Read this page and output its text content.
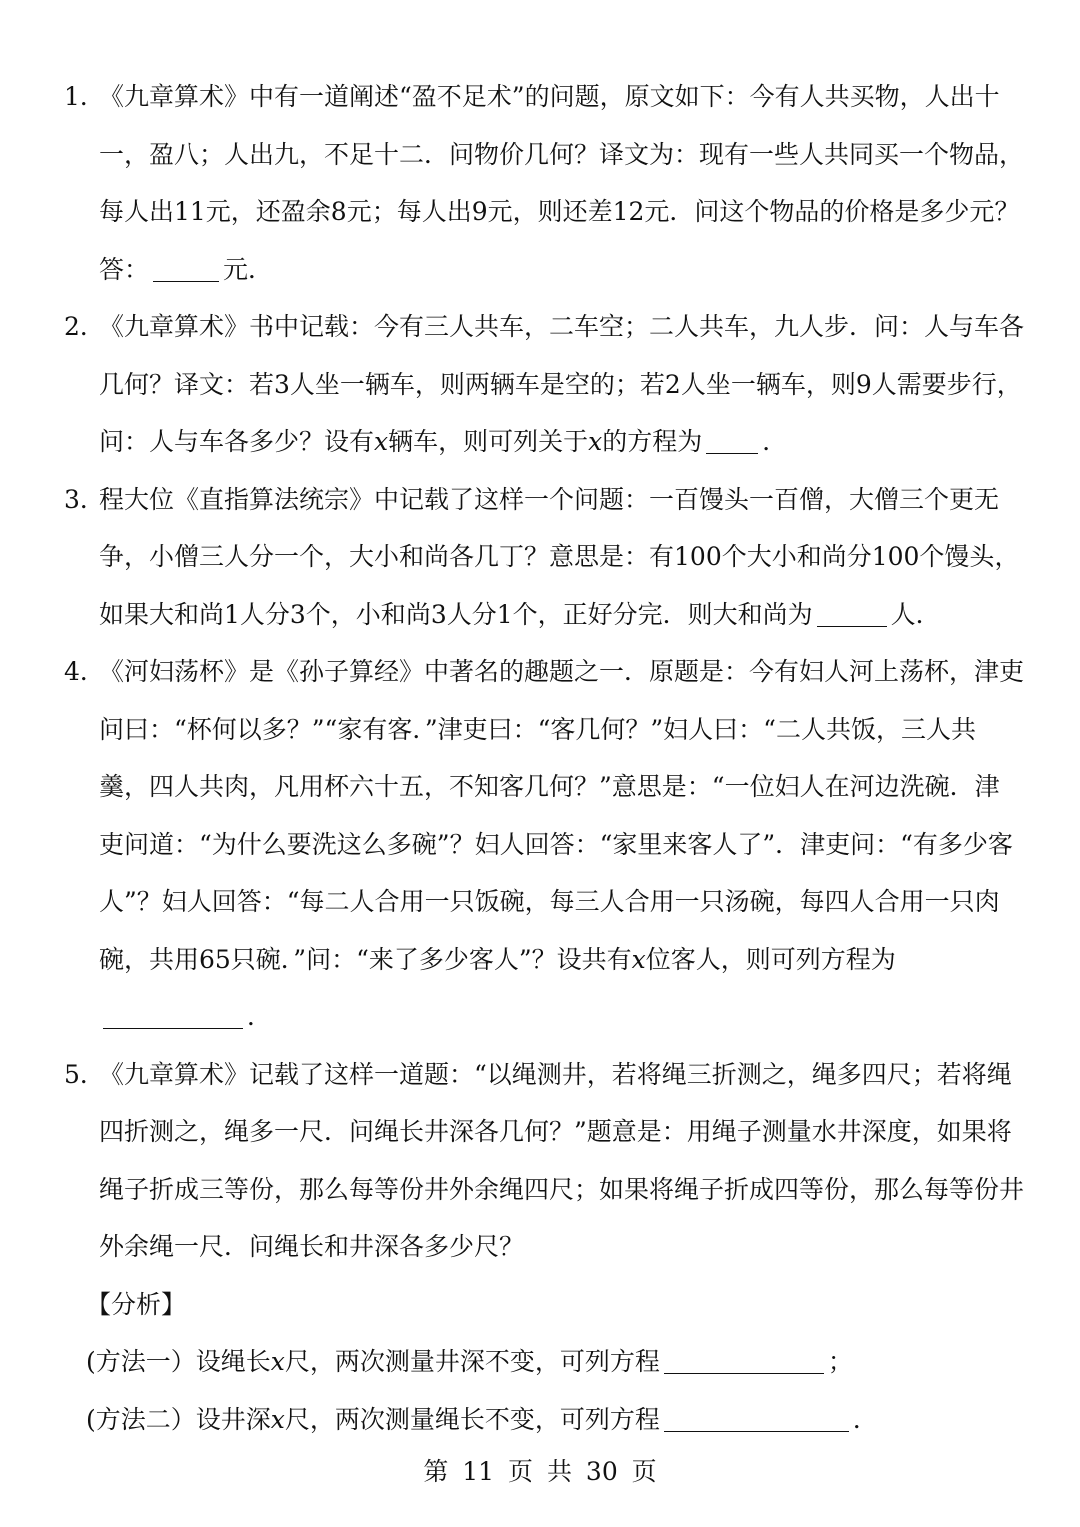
1．
《九章算术》中有一道阐述“盈不足术”的问题，原文如下：今有人共买物，人出十一，盈八；人出九，不足十二．问物价几何？译文为：现有一些人共同买一个物品，每人出11元，还盈余8元；每人出9元，则还差12元．问这个物品的价格是多少元？答：	元．
2．
《九章算术》书中记载：今有三人共车，二车空；二人共车，九人步．问：人与车各几何？译文：若3人坐一辆车，则两辆车是空的；若2人坐一辆车，则9人需要步行，问：人与车各多少？设有x辆车，则可列关于x的方程为 ．
3．
程大位《直指算法统宗》中记载了这样一个问题：一百馒头一百僧，大僧三个更无争，小僧三人分一个，大小和尚各几丁？意思是：有100个大小和尚分100个馒头，如果大和尚1人分3个，小和尚3人分1个，正好分完．则大和尚为	人．
4．
《河妇荡杯》是《孙子算经》中著名的趣题之一．原题是：今有妇人河上荡杯，津吏问曰：“杯何以多？”“家有客．”津吏曰：“客几何？”妇人曰：“二人共饭，三人共羹，四人共肉，凡用杯六十五，不知客几何？”意思是：“一位妇人在河边洗碗．津吏问道：“为什么要洗这么多碗”？妇人回答：“家里来客人了”．津吏问：“有多少客人”？妇人回答：“每二人合用一只饭碗，每三人合用一只汤碗，每四人合用一只肉碗，共用65只碗．”问：“来了多少客人”？设共有x位客人，则可列方程为．
5．
《九章算术》记载了这样一道题：“以绳测井，若将绳三折测之，绳多四尺；若将绳四折测之，绳多一尺．问绳长井深各几何？”题意是：用绳子测量水井深度，如果将绳子折成三等份，那么每等份井外余绳四尺；如果将绳子折成四等份，那么每等份井外余绳一尺．问绳长和井深各多少尺？
【分析】
(方法一）设绳长x尺，两次测量井深不变，可列方程	；
(方法二）设井深x尺，两次测量绳长不变，可列方程	．
第 11 页 共 30 页
